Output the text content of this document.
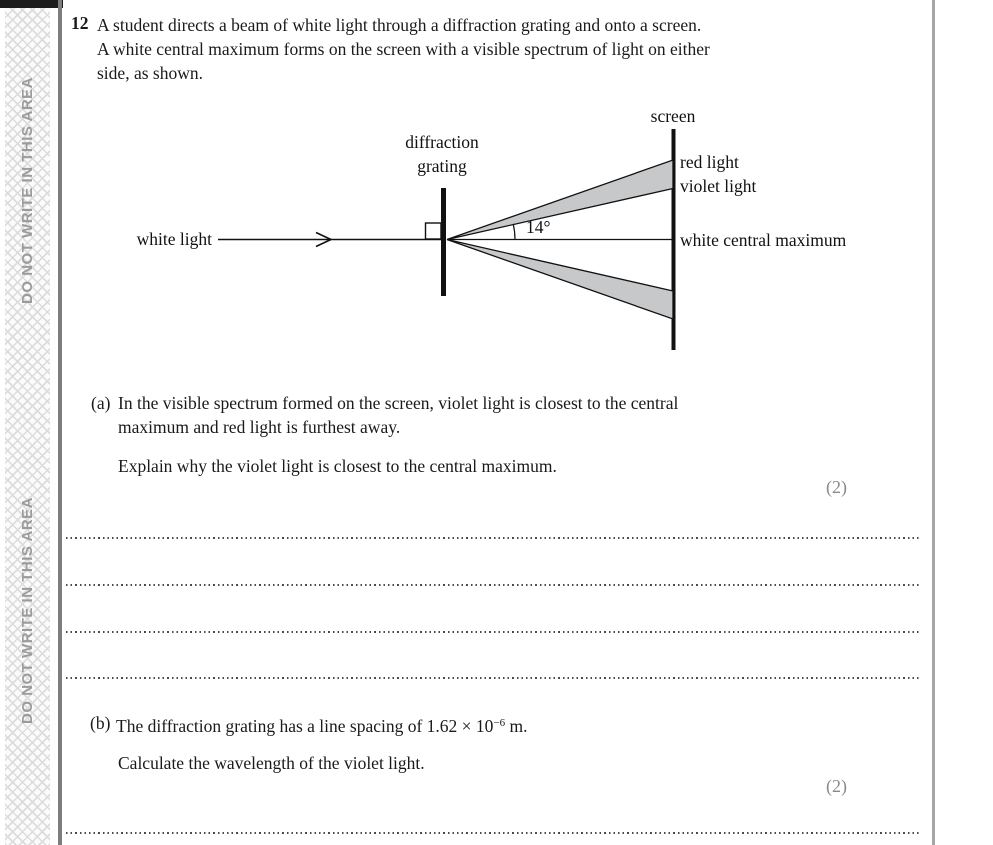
DO NOT WRITE IN THIS AREA
DO NOT WRITE IN THIS AREA
12 A student directs a beam of white light through a diffraction grating and onto a screen.
A white central maximum forms on the screen with a visible spectrum of light on either
side, as shown.
screen
diffraction
grating
white light
red light
violet light
white central maximum
14°
(a) In the visible spectrum formed on the screen, violet light is closest to the central
maximum and red light is furthest away.
Explain why the violet light is closest to the central maximum.
(2)
(b) The diffraction grating has a line spacing of $1.62 \times 10^{-6}$ m.
Calculate the wavelength of the violet light.
(2)
